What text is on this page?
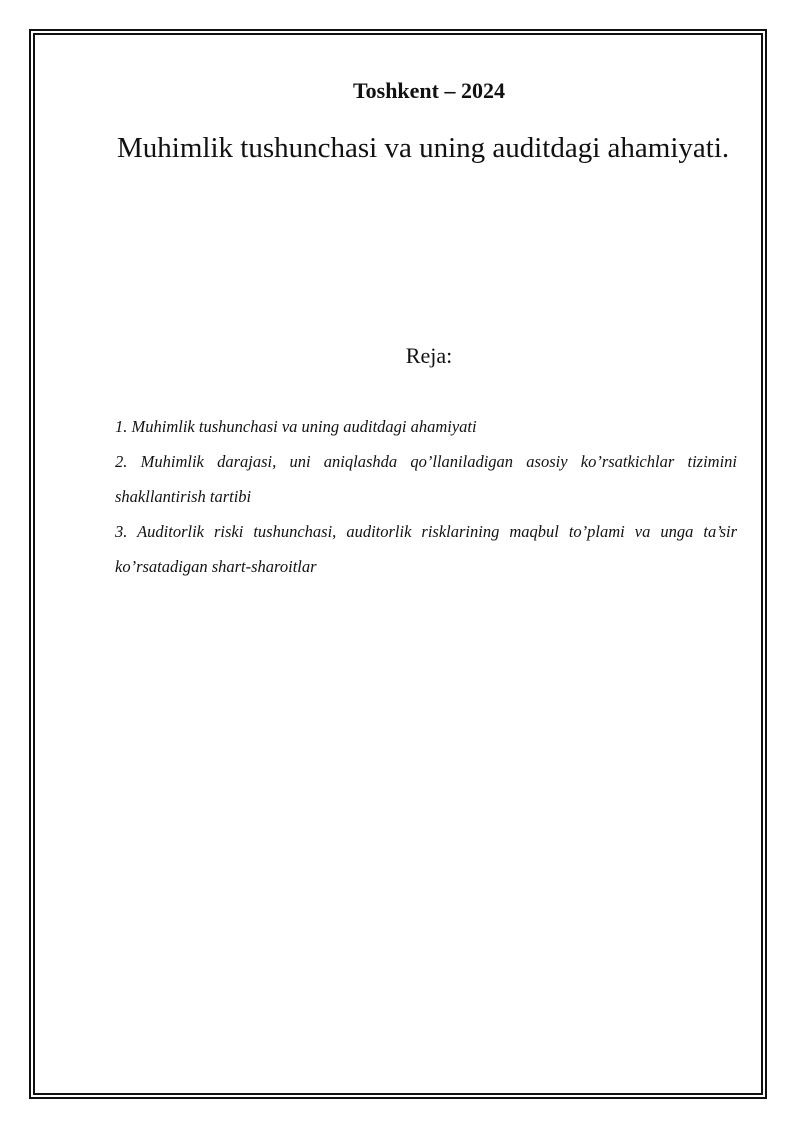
Toshkent – 2024
Muhimlik tushunchasi va uning auditdagi ahamiyati.
Reja:
1. Muhimlik tushunchasi va uning auditdagi ahamiyati
2. Muhimlik darajasi, uni aniqlashda qo’llaniladigan asosiy ko’rsatkichlar tizimini shakllantirish tartibi
3. Auditorlik riski tushunchasi, auditorlik risklarining maqbul to’plami va unga ta’sir ko’rsatadigan shart-sharoitlar
